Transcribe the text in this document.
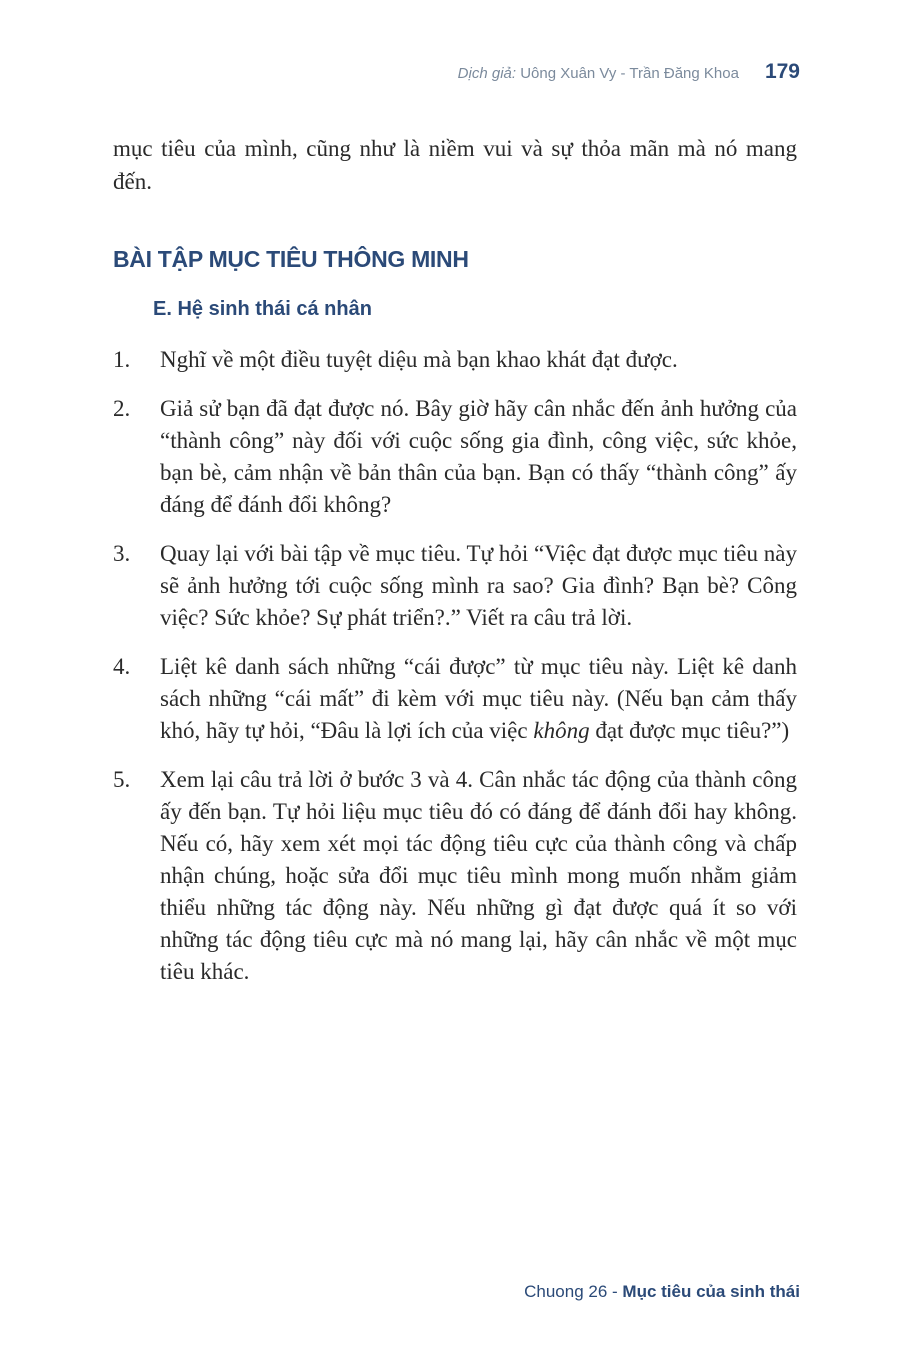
Dịch giả: Uông Xuân Vy - Trần Đăng Khoa 179

mục tiêu của mình, cũng như là niềm vui và sự thỏa mãn mà nó mang đến.

BÀI TẬP MỤC TIÊU THÔNG MINH
E. Hệ sinh thái cá nhân
1.	Nghĩ về một điều tuyệt diệu mà bạn khao khát đạt được.
2.	Giả sử bạn đã đạt được nó. Bây giờ hãy cân nhắc đến ảnh hưởng của “thành công” này đối với cuộc sống gia đình, công việc, sức khỏe, bạn bè, cảm nhận về bản thân của bạn. Bạn có thấy “thành công” ấy đáng để đánh đổi không?
3.	Quay lại với bài tập về mục tiêu. Tự hỏi “Việc đạt được mục tiêu này sẽ ảnh hưởng tới cuộc sống mình ra sao? Gia đình? Bạn bè? Công việc? Sức khỏe? Sự phát triển?.” Viết ra câu trả lời.
4.	Liệt kê danh sách những “cái được” từ mục tiêu này. Liệt kê danh sách những “cái mất” đi kèm với mục tiêu này. (Nếu bạn cảm thấy khó, hãy tự hỏi, “Đâu là lợi ích của việc không đạt được mục tiêu?”)
5.	Xem lại câu trả lời ở bước 3 và 4. Cân nhắc tác động của thành công ấy đến bạn. Tự hỏi liệu mục tiêu đó có đáng để đánh đổi hay không. Nếu có, hãy xem xét mọi tác động tiêu cực của thành công và chấp nhận chúng, hoặc sửa đổi mục tiêu mình mong muốn nhằm giảm thiểu những tác động này. Nếu những gì đạt được quá ít so với những tác động tiêu cực mà nó mang lại, hãy cân nhắc về một mục tiêu khác.
Chuong 26 - Mục tiêu của sinh thái
